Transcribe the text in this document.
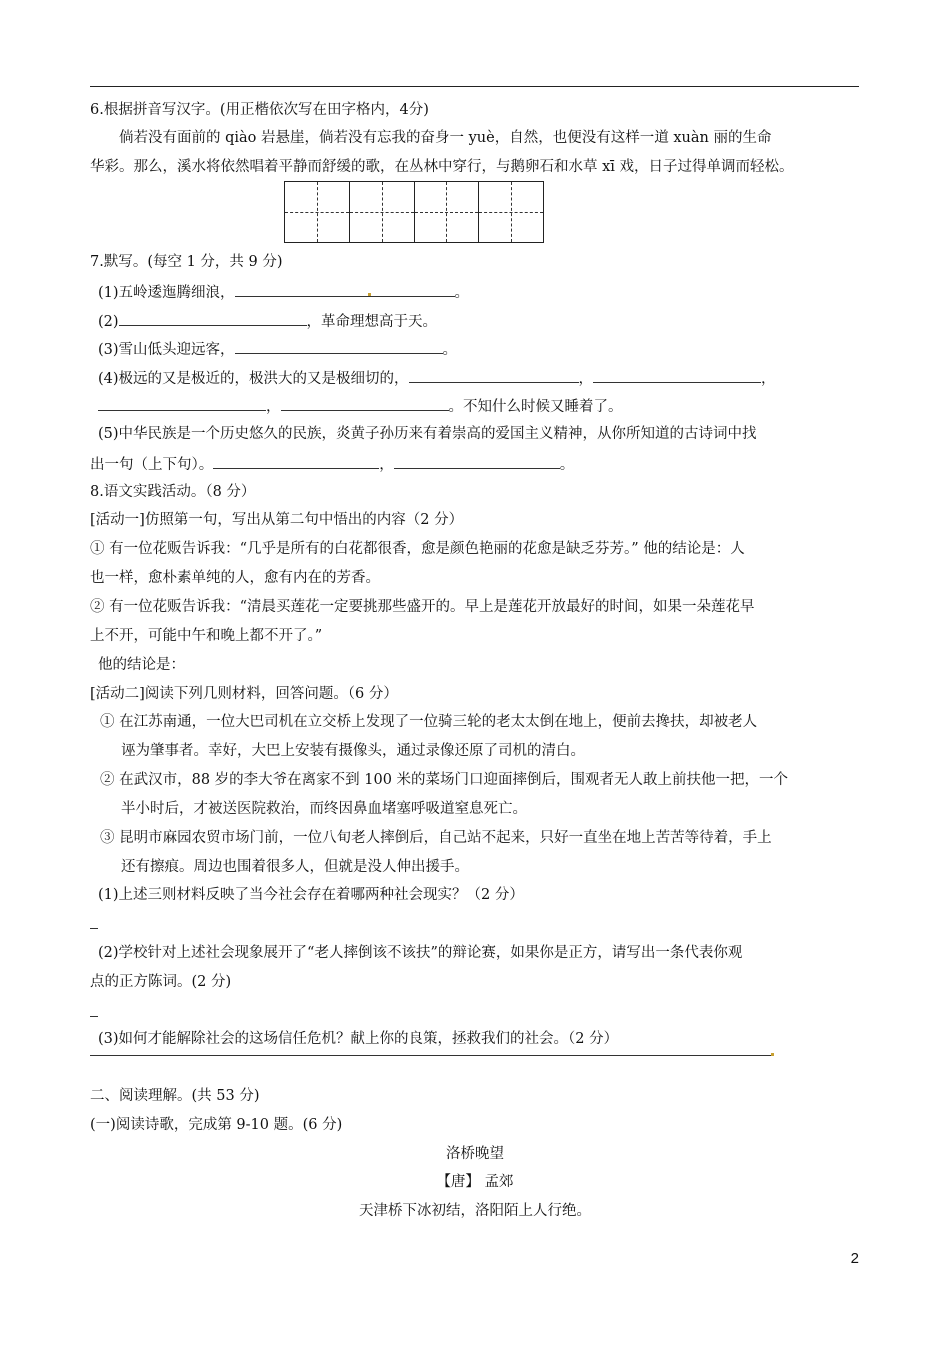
6.根据拼音写汉字。(用正楷依次写在田字格内，4分)
倘若没有面前的 qiào 岩悬崖，倘若没有忘我的奋身一 yuè，自然，也便没有这样一道 xuàn 丽的生命
华彩。那么，溪水将依然唱着平静而舒缓的歌，在丛林中穿行，与鹅卵石和水草 xī 戏，日子过得单调而轻松。
7.默写。(每空 1 分，共 9 分)
(1)五岭逶迤腾细浪，	。
(2)	，革命理想高于天。
(3)雪山低头迎远客，	。
(4)极远的又是极近的，极洪大的又是极细切的，	，	，
，	。不知什么时候又睡着了。
(5)中华民族是一个历史悠久的民族，炎黄子孙历来有着崇高的爱国主义精神，从你所知道的古诗词中找
出一句（上下句）。	，	。
8.语文实践活动。（8 分）
[活动一]仿照第一句，写出从第二句中悟出的内容（2 分）
① 有一位花贩告诉我：“几乎是所有的白花都很香，愈是颜色艳丽的花愈是缺乏芬芳。” 他的结论是：人
也一样，愈朴素单纯的人，愈有内在的芳香。
② 有一位花贩告诉我：“清晨买莲花一定要挑那些盛开的。早上是莲花开放最好的时间，如果一朵莲花早
上不开，可能中午和晚上都不开了。”
他的结论是：
[活动二]阅读下列几则材料，回答问题。（6 分）
① 在江苏南通，一位大巴司机在立交桥上发现了一位骑三轮的老太太倒在地上，便前去搀扶，却被老人
诬为肇事者。幸好，大巴上安装有摄像头，通过录像还原了司机的清白。
② 在武汉市，88 岁的李大爷在离家不到 100 米的菜场门口迎面摔倒后，围观者无人敢上前扶他一把，一个
半小时后，才被送医院救治，而终因鼻血堵塞呼吸道窒息死亡。
③ 昆明市麻园农贸市场门前，一位八旬老人摔倒后，自己站不起来，只好一直坐在地上苦苦等待着，手上
还有擦痕。周边也围着很多人，但就是没人伸出援手。
(1)上述三则材料反映了当今社会存在着哪两种社会现实？（2 分）
(2)学校针对上述社会现象展开了“老人摔倒该不该扶”的辩论赛，如果你是正方，请写出一条代表你观
点的正方陈词。(2 分)
(3)如何才能解除社会的这场信任危机？献上你的良策，拯救我们的社会。（2 分）
二、阅读理解。(共 53 分)
(一)阅读诗歌，完成第 9-10 题。(6 分)
洛桥晚望
【唐】 孟郊
天津桥下冰初结，洛阳陌上人行绝。
2
